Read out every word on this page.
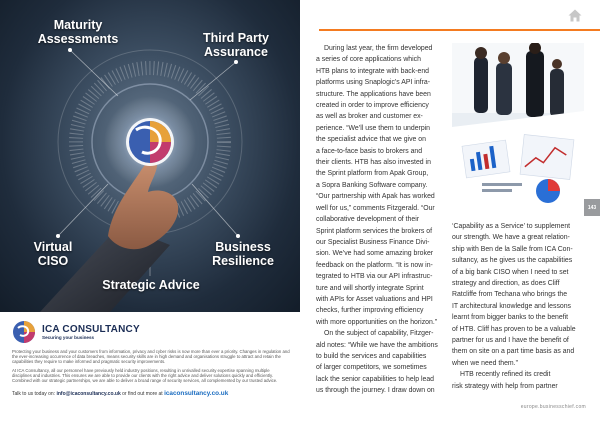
Maturity Assessments	Third Party Assurance
Virtual CISO
Business Resilience
Strategic Advice
ICA CONSULTANCY
Securing your business

Protecting your business and your customers from information, privacy and cyber risks is now more than ever a priority. Changes in regulation and the ever-increasing occurrence of data breaches, means security skills are in high demand and organisations struggle to attract and retain the capabilities they require to make informed and pragmatic security improvements.

At ICA Consultancy, all our personnel have previously held industry positions, resulting in unrivalled security expertise spanning multiple disciplines and industries. This ensures we are able to provide our clients with the right advice and deliver solutions quickly and efficiently. Combined with our strategic partnerships, we are able to deliver a broad range of security services, all complemented by our trusted advice.

Talk to us today on: info@icaconsultancy.co.uk or find out more at icaconsultancy.co.uk

During last year, the firm developed
a series of core applications which
HTB plans to integrate with back-end
platforms using Snaplogic’s API infra-
structure. The applications have been
created in order to improve efficiency
as well as broker and customer ex-
perience. “We’ll use them to underpin
the specialist advice that we give on
a face-to-face basis to brokers and
their clients. HTB has also invested in
the Sprint platform from Apak Group,
a Sopra Banking Software company.
“Our partnership with Apak has worked
well for us,” comments Fitzgerald. “Our
collaborative development of their
Sprint platform services the brokers of
our Specialist Business Finance Divi-
sion. We’ve had some amazing broker
feedback on the platform. “It is now in-
tegrated to HTB via our API infrastruc-
ture and will shortly integrate Sprint
with APIs for Asset valuations and HPI
checks, further improving efficiency
with more opportunities on the horizon.”
On the subject of capability, Fitzger-
ald notes: “While we have the ambitions
to build the services and capabilities
of larger competitors, we sometimes
lack the senior capabilities to help lead
us through the journey. I draw down on
143
‘Capability as a Service’ to supplement
our strength. We have a great relation-
ship with Ben de la Salle from ICA Con-
sultancy, as he gives us the capabilities
of a big bank CISO when I need to set
strategy and direction, as does Cliff
Ratcliffe from Techana who brings the
IT architectural knowledge and lessons
learnt from bigger banks to the benefit
of HTB. Cliff has proven to be a valuable
partner for us and I have the benefit of
them on site on a part time basis as and
when we need them.”
HTB recently refined its credit
risk strategy with help from partner
europe.businesschief.com
